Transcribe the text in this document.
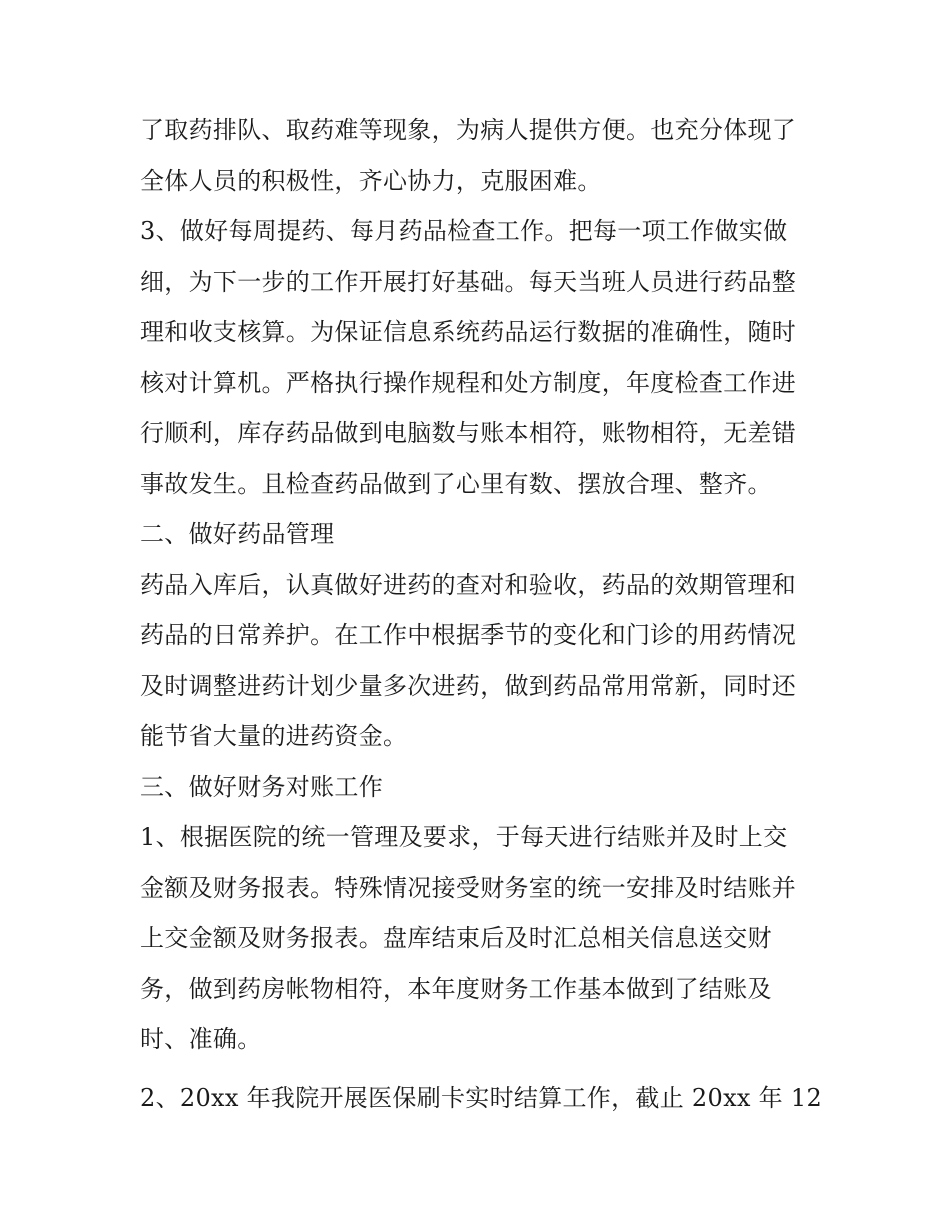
了取药排队、取药难等现象，为病人提供方便。也充分体现了
全体人员的积极性，齐心协力，克服困难。
3、做好每周提药、每月药品检查工作。把每一项工作做实做
细，为下一步的工作开展打好基础。每天当班人员进行药品整
理和收支核算。为保证信息系统药品运行数据的准确性，随时
核对计算机。严格执行操作规程和处方制度，年度检查工作进
行顺利，库存药品做到电脑数与账本相符，账物相符，无差错
事故发生。且检查药品做到了心里有数、摆放合理、整齐。
二、做好药品管理
药品入库后，认真做好进药的查对和验收，药品的效期管理和
药品的日常养护。在工作中根据季节的变化和门诊的用药情况
及时调整进药计划少量多次进药，做到药品常用常新，同时还
能节省大量的进药资金。
三、做好财务对账工作
1、根据医院的统一管理及要求，于每天进行结账并及时上交
金额及财务报表。特殊情况接受财务室的统一安排及时结账并
上交金额及财务报表。盘库结束后及时汇总相关信息送交财
务，做到药房帐物相符，本年度财务工作基本做到了结账及
时、准确。
2、20xx 年我院开展医保刷卡实时结算工作，截止 20xx 年 12
